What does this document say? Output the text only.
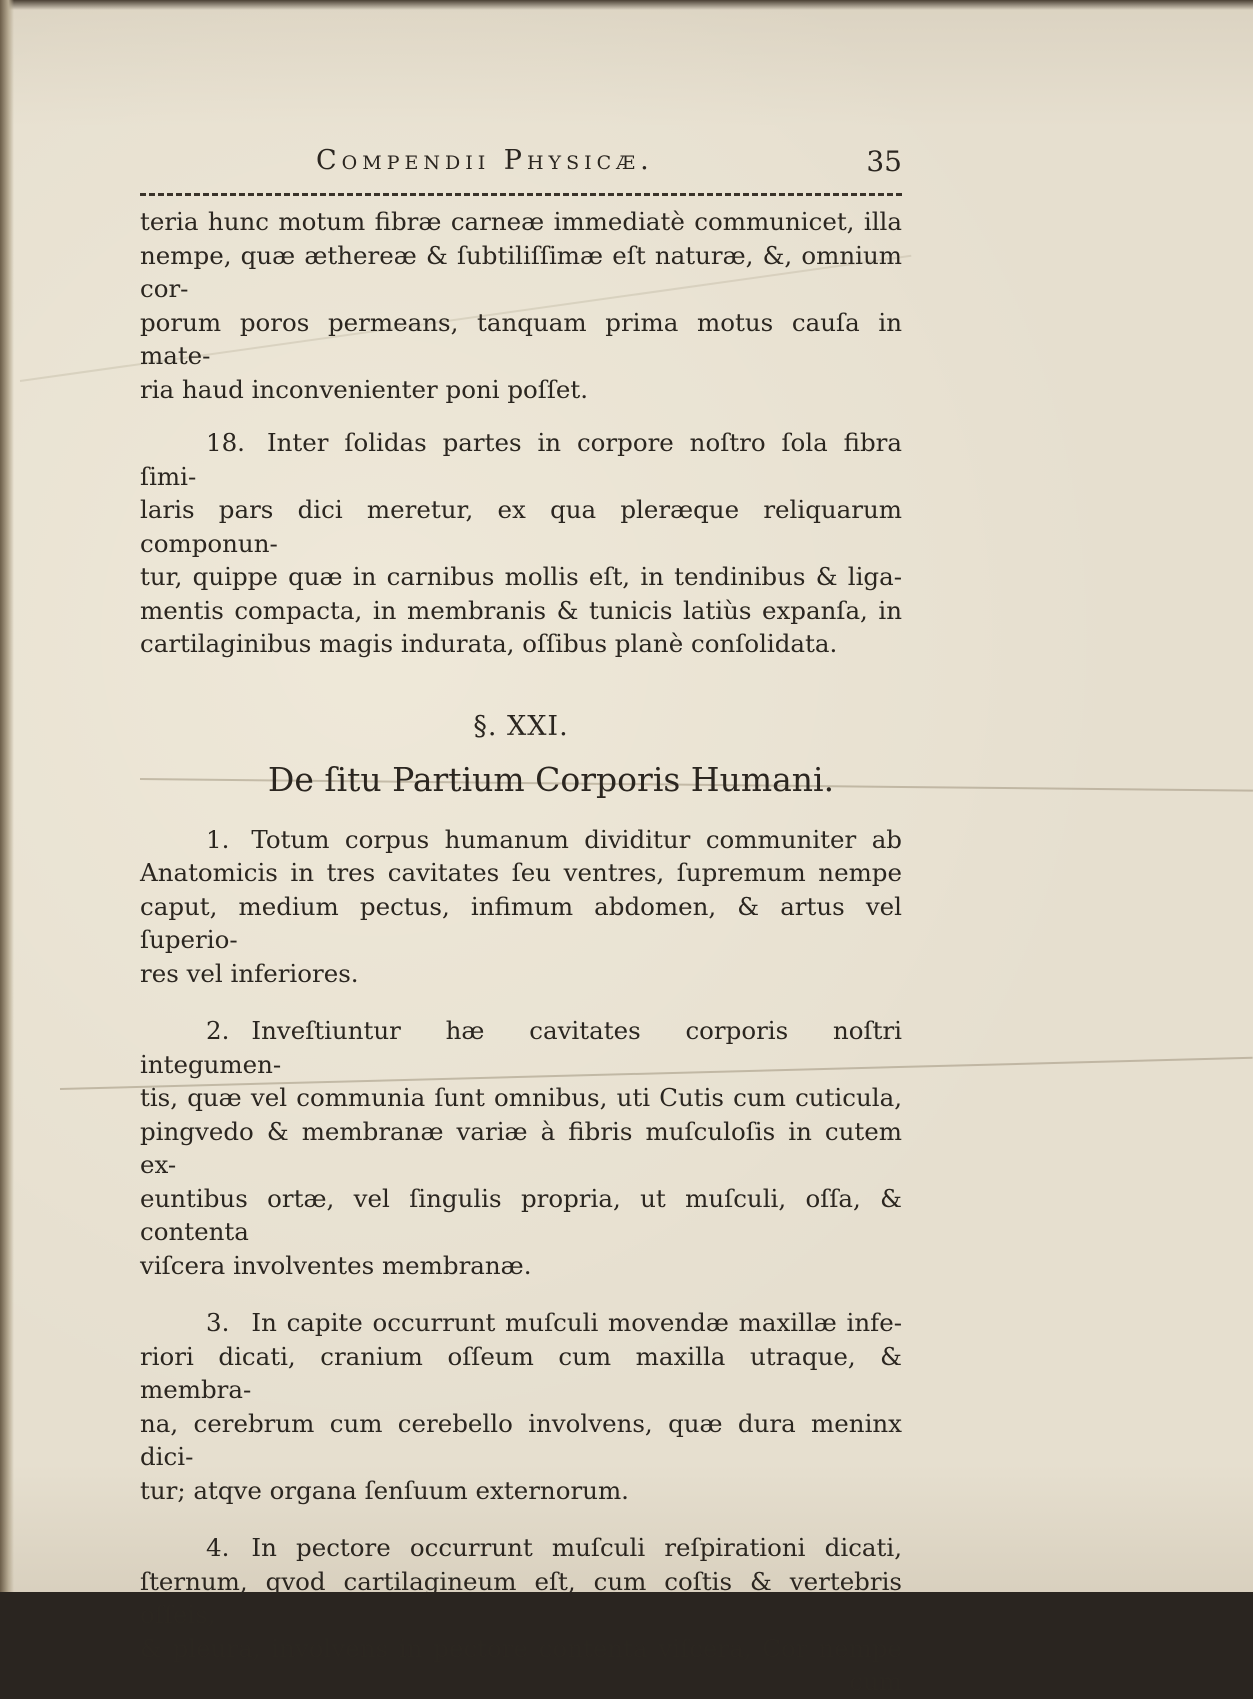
Compendii Physicæ.	35

teria hunc motum fibræ carneæ immediatè communicet, illa

nempe, quæ æthereæ & ſubtiliſſimæ eſt naturæ, &, omnium cor-

porum poros permeans, tanquam prima motus cauſa in mate-

ria haud inconvenienter poni poſſet.

18. Inter ſolidas partes in corpore noſtro ſola fibra ſimi-

laris pars dici meretur, ex qua pleræque reliquarum componun-

tur, quippe quæ in carnibus mollis eſt, in tendinibus & liga-

mentis compacta, in membranis & tunicis latiùs expanſa, in

cartilaginibus magis indurata, oſſibus planè conſolidata.

§. XXI.
De ſitu Partium Corporis Humani.

1. Totum corpus humanum dividitur communiter ab

Anatomicis in tres cavitates ſeu ventres, ſupremum nempe

caput, medium pectus, infimum abdomen, & artus vel ſuperio-

res vel inferiores.

2. Inveſtiuntur hæ cavitates corporis noſtri integumen-

tis, quæ vel communia ſunt omnibus, uti Cutis cum cuticula,

pingvedo & membranæ variæ à fibris muſculoſis in cutem ex-

euntibus ortæ, vel ſingulis propria, ut muſculi, oſſa, & contenta

viſcera involventes membranæ.

3. In capite occurrunt muſculi movendæ maxillæ infe-

riori dicati, cranium oſſeum cum maxilla utraque, & membra-

na, cerebrum cum cerebello involvens, quæ dura meninx dici-

tur; atqve organa ſenſuum externorum.

4. In pectore occurrunt muſculi reſpirationi dicati,

ſternum, qvod cartilagineum eſt, cum coſtis & vertebris oſſeis,

& pleura, involvens in pectore contenta viſcera, Cor nempe

cum
